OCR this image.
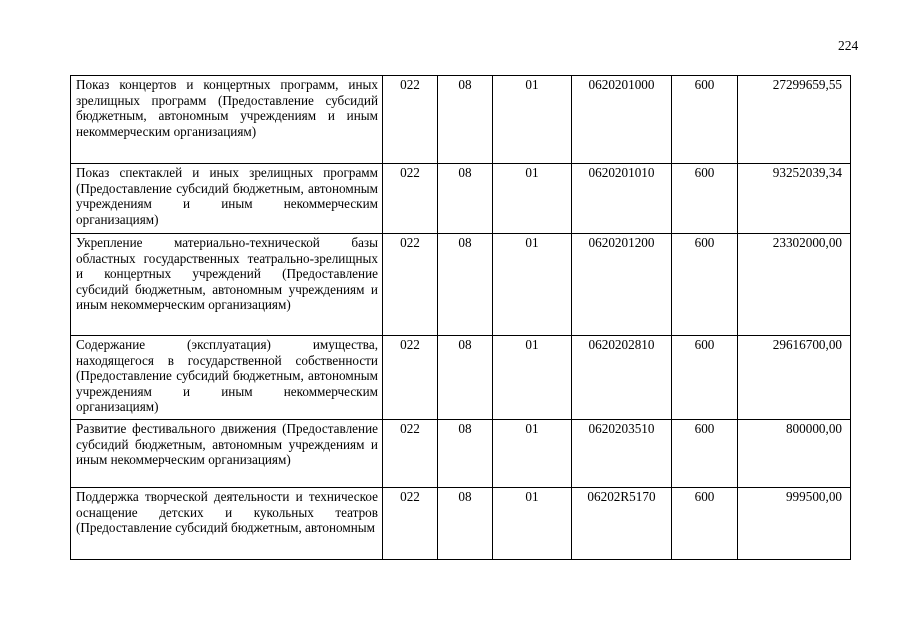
224
Показ концертов и концертных программ, иных зрелищных программ (Предоставление субсидий бюджетным, автономным учреждениям и иным некоммерческим организациям)	022	08	01	0620201000	600	27299659,55
Показ спектаклей и иных зрелищных программ (Предоставление субсидий бюджетным, автономным учреждениям и иным некоммерческим организациям)	022	08	01	0620201010	600	93252039,34
Укрепление материально-технической базы областных государственных театрально-зрелищных и концертных учреждений (Предоставление субсидий бюджетным, автономным учреждениям и иным некоммерческим организациям)	022	08	01	0620201200	600	23302000,00
Содержание (эксплуатация) имущества, находящегося в государственной собственности (Предоставление субсидий бюджетным, автономным учреждениям и иным некоммерческим организациям)	022	08	01	0620202810	600	29616700,00
Развитие фестивального движения (Предоставление субсидий бюджетным, автономным учреждениям и иным некоммерческим организациям)	022	08	01	0620203510	600	800000,00
Поддержка творческой деятельности и техническое оснащение детских и кукольных театров (Предоставление субсидий бюджетным, автономным	022	08	01	06202R5170	600	999500,00
